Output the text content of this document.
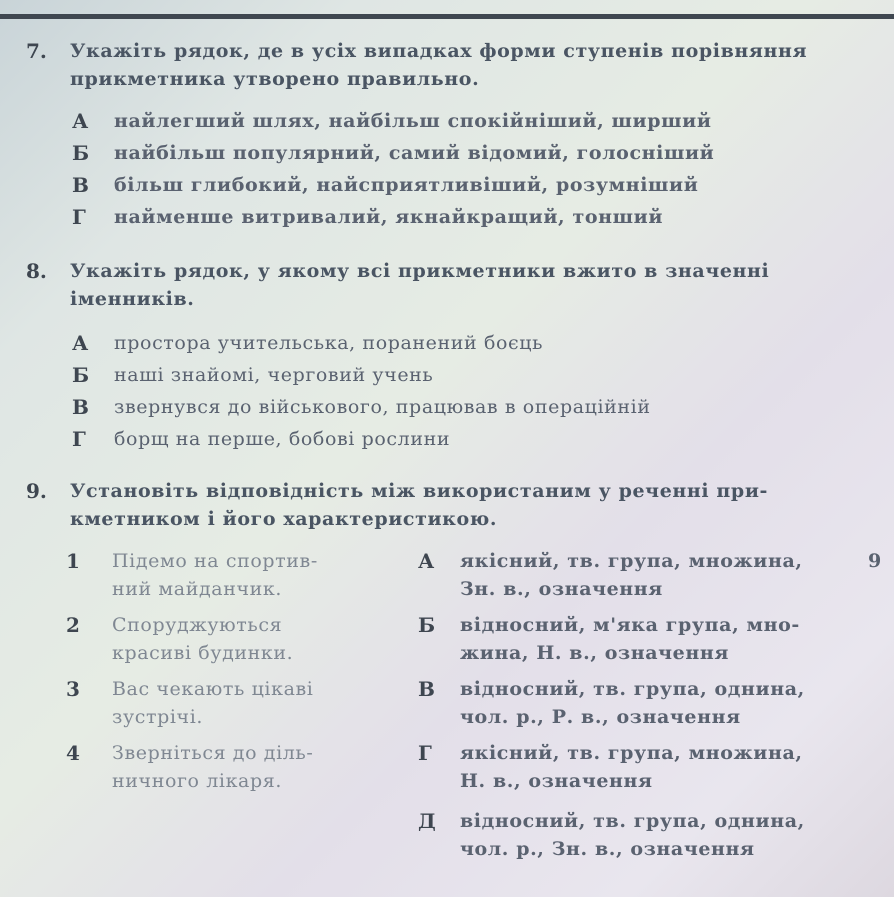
7. Укажіть рядок, де в усіх випадках форми ступенів порівняння
прикметника утворено правильно.
А найлегший шлях, найбільш спокійніший, ширший
Б найбільш популярний, самий відомий, голосніший
В більш глибокий, найсприятливіший, розумніший
Г найменше витривалий, якнайкращий, тонший
8. Укажіть рядок, у якому всі прикметники вжито в значенні
іменників.
А простора учительська, поранений боєць
Б наші знайомі, черговий учень
В звернувся до військового, працював в операційній
Г борщ на перше, бобові рослини
9. Установіть відповідність між використаним у реченні при-
кметником і його характеристикою.
1 Підемо на спортив-
ний майданчик.
2 Споруджуються
красиві будинки.
3 Вас чекають цікаві
зустрічі.
4 Зверніться до діль-
ничного лікаря.
А якісний, тв. група, множина,
Зн. в., означення
9
Б відносний, м'яка група, мно-
жина, Н. в., означення
В відносний, тв. група, однина,
чол. р., Р. в., означення
Г якісний, тв. група, множина,
Н. в., означення
Д відносний, тв. група, однина,
чол. р., Зн. в., означення
